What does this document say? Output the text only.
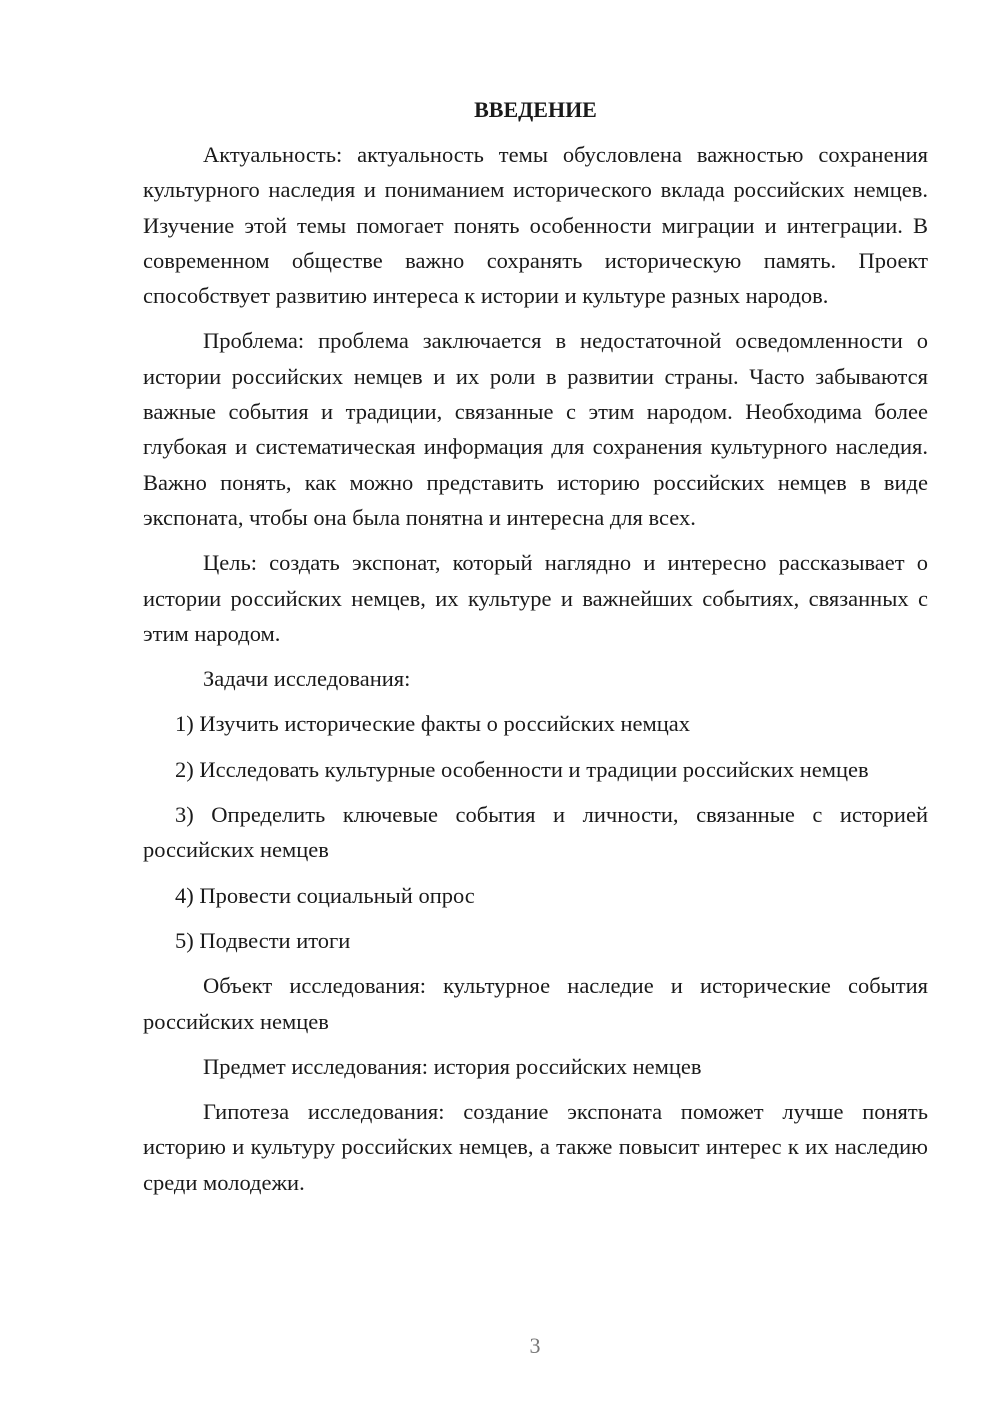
ВВЕДЕНИЕ

Актуальность: актуальность темы обусловлена важностью сохранения культурного наследия и пониманием исторического вклада российских немцев. Изучение этой темы помогает понять особенности миграции и интеграции. В современном обществе важно сохранять историческую память. Проект способствует развитию интереса к истории и культуре разных народов.

Проблема: проблема заключается в недостаточной осведомленности о истории российских немцев и их роли в развитии страны. Часто забываются важные события и традиции, связанные с этим народом. Необходима более глубокая и систематическая информация для сохранения культурного наследия. Важно понять, как можно представить историю российских немцев в виде экспоната, чтобы она была понятна и интересна для всех.

Цель: создать экспонат, который наглядно и интересно рассказывает о истории российских немцев, их культуре и важнейших событиях, связанных с этим народом.

Задачи исследования:

1) Изучить исторические факты о российских немцах

2) Исследовать культурные особенности и традиции российских немцев

3) Определить ключевые события и личности, связанные с историей российских немцев

4) Провести социальный опрос

5) Подвести итоги

Объект исследования: культурное наследие и исторические события российских немцев

Предмет исследования: история российских немцев

Гипотеза исследования: создание экспоната поможет лучше понять историю и культуру российских немцев, а также повысит интерес к их наследию среди молодежи.

3
